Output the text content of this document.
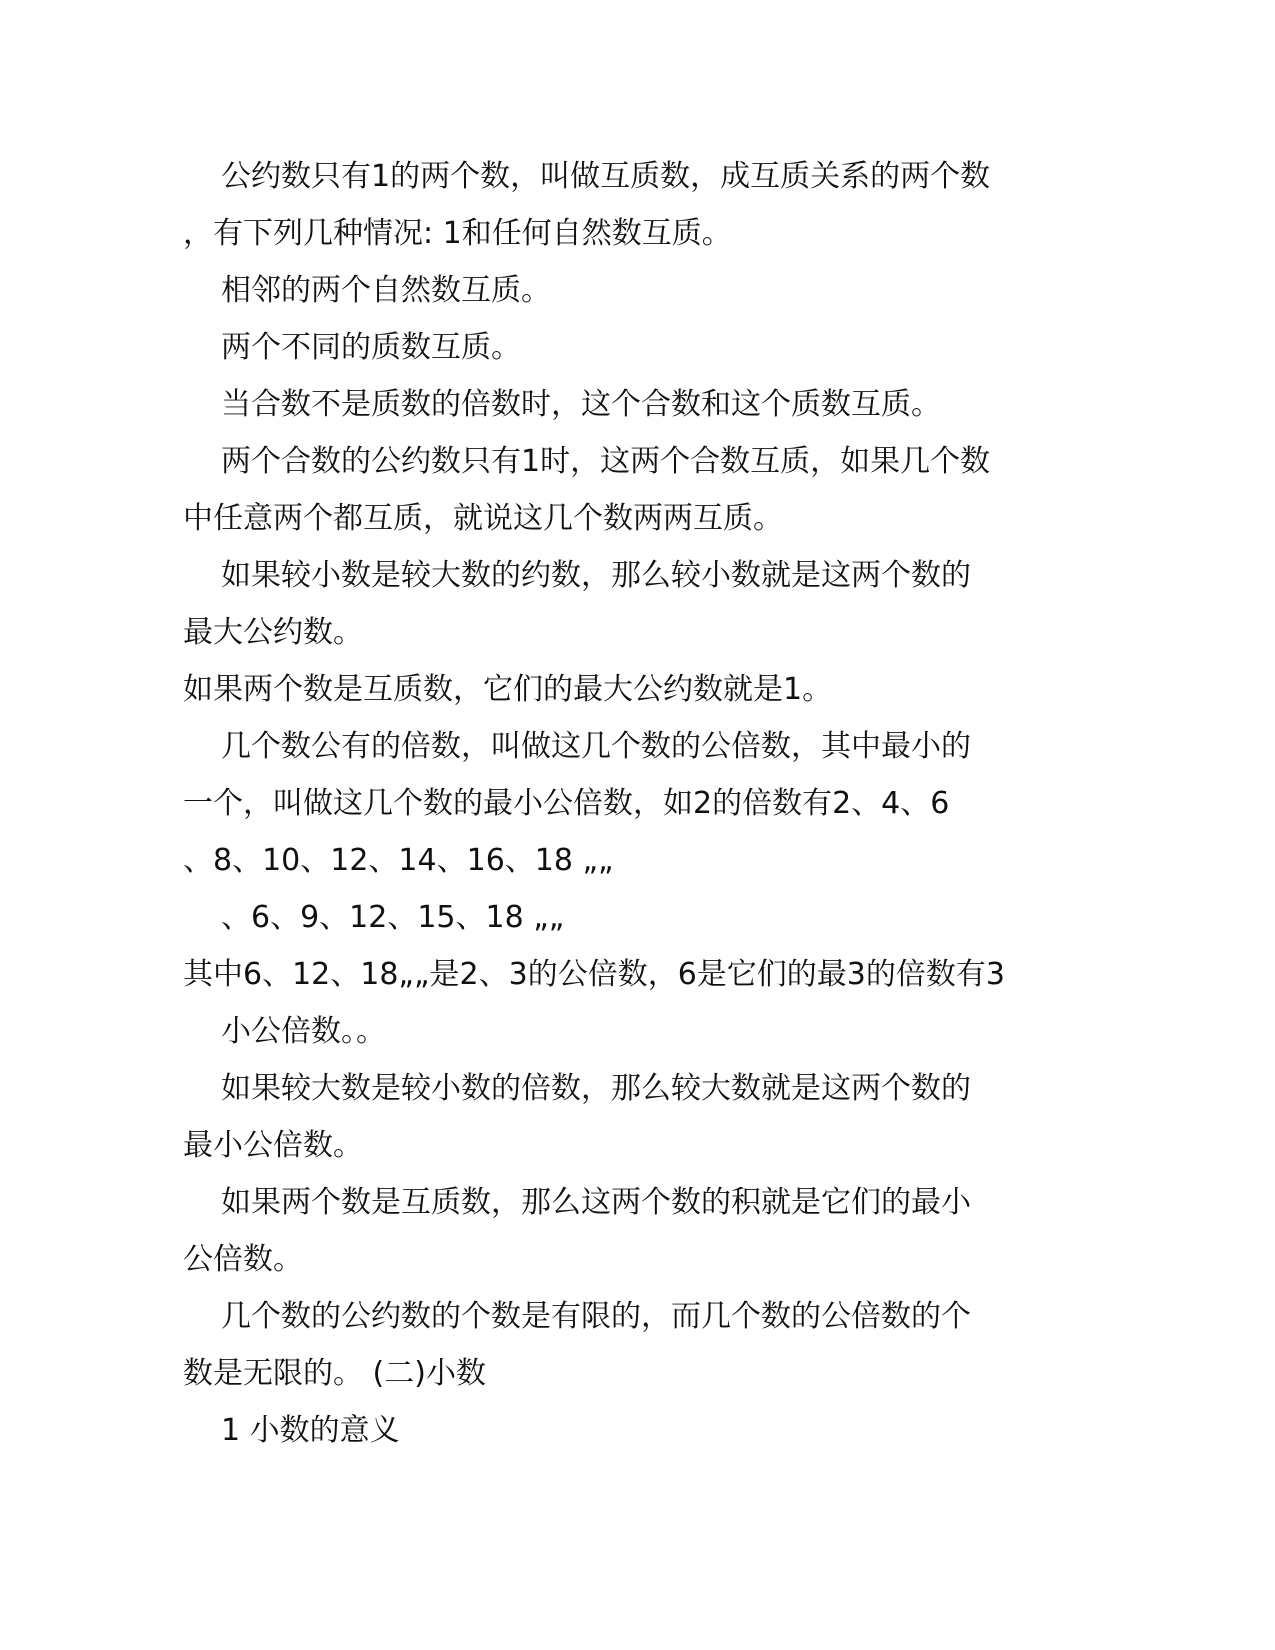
公约数只有1的两个数，叫做互质数，成互质关系的两个数
，有下列几种情况: 1和任何自然数互质。
相邻的两个自然数互质。
两个不同的质数互质。
当合数不是质数的倍数时，这个合数和这个质数互质。
两个合数的公约数只有1时，这两个合数互质，如果几个数
中任意两个都互质，就说这几个数两两互质。
如果较小数是较大数的约数，那么较小数就是这两个数的
最大公约数。
如果两个数是互质数，它们的最大公约数就是1。
几个数公有的倍数，叫做这几个数的公倍数，其中最小的
一个，叫做这几个数的最小公倍数，如2的倍数有2、4、6
、8、10、12、14、16、18 „„
、6、9、12、15、18 „„
其中6、12、18„„是2、3的公倍数，6是它们的最3的倍数有3
小公倍数。。
如果较大数是较小数的倍数，那么较大数就是这两个数的
最小公倍数。
如果两个数是互质数，那么这两个数的积就是它们的最小
公倍数。
几个数的公约数的个数是有限的，而几个数的公倍数的个
数是无限的。 (二)小数
1 小数的意义
